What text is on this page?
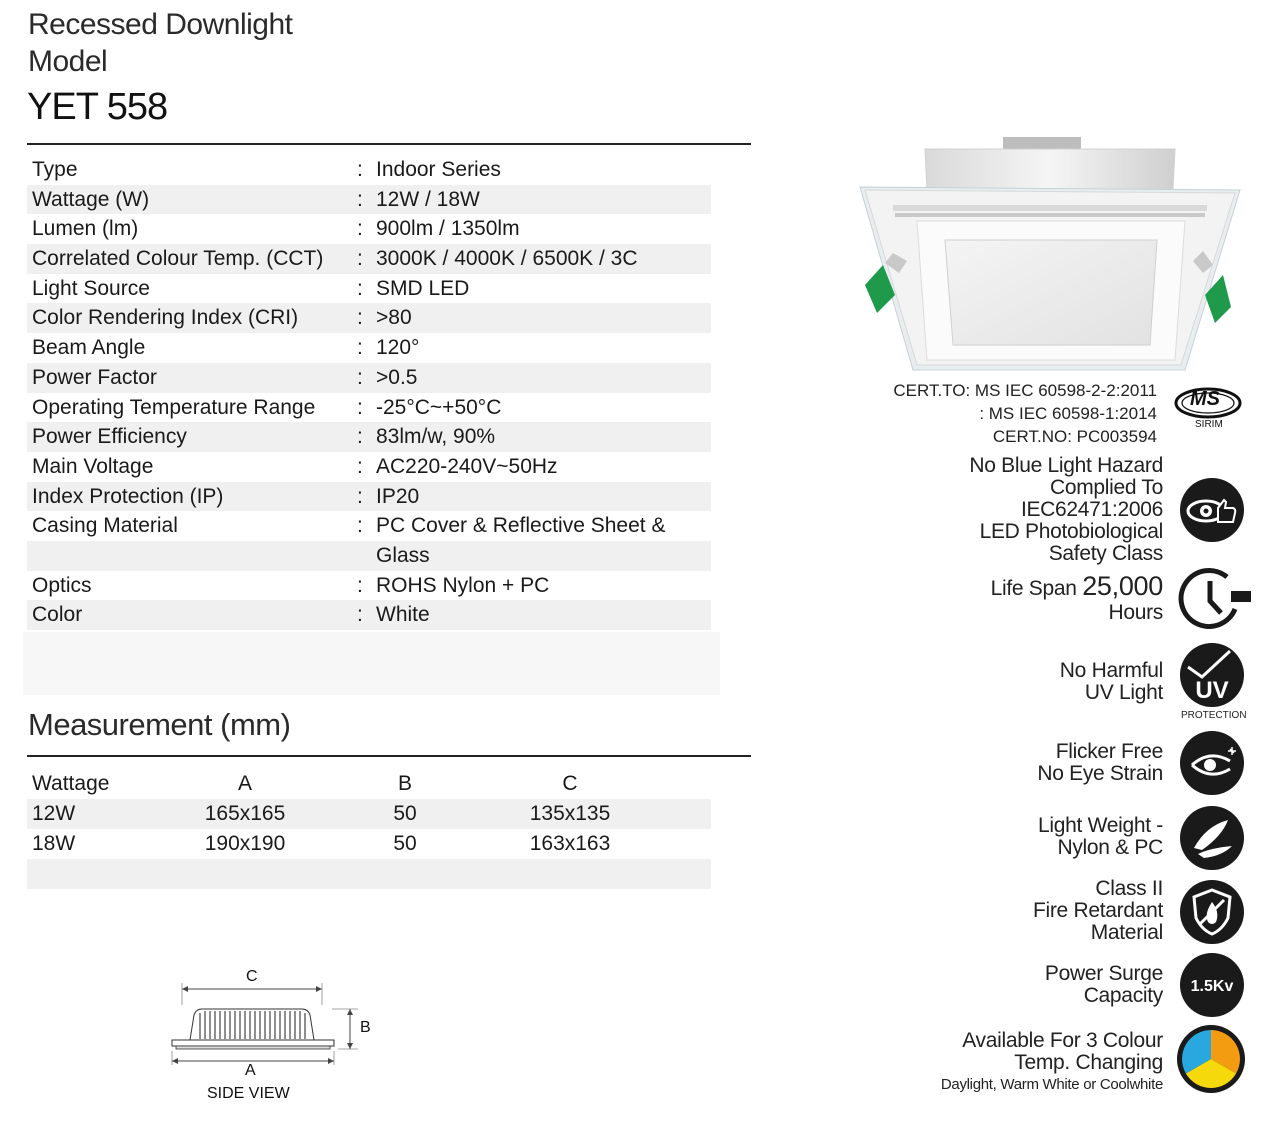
Recessed Downlight
Model
YET 558
Type	: Indoor Series
Wattage (W)	: 12W / 18W
Lumen (lm)	: 900lm / 1350lm
Correlated Colour Temp. (CCT) : 3000K / 4000K / 6500K / 3C
Light Source	: SMD LED
Color Rendering Index (CRI)	: >80
Beam Angle	: 120°
Power Factor	: >0.5
Operating Temperature Range : -25°C~+50°C
Power Efficiency	: 83lm/w, 90%
Main Voltage	: AC220-240V~50Hz
Index Protection (IP)	: IP20
Casing Material	: PC Cover & Reflective Sheet &
Glass
Optics	: ROHS Nylon + PC
Color	: White
Measurement (mm)
Wattage	A	B	C
12W	165x165	50	135x135
18W	190x190	50	163x163
C
B
A
SIDE VIEW
CERT.TO: MS IEC 60598-2-2:2011
: MS IEC 60598-1:2014
CERT.NO: PC003594
MS
SIRIM
No Blue Light Hazard
Complied To
IEC62471:2006
LED Photobiological
Safety Class
Life Span 25,000
Hours
No Harmful
UV Light UV
PROTECTION
Flicker Free
No Eye Strain
Light Weight -
Nylon & PC
Class II
Fire Retardant
Material
Power Surge
Capacity 1.5Kv
Available For 3 Colour
Temp. Changing
Daylight, Warm White or Coolwhite
